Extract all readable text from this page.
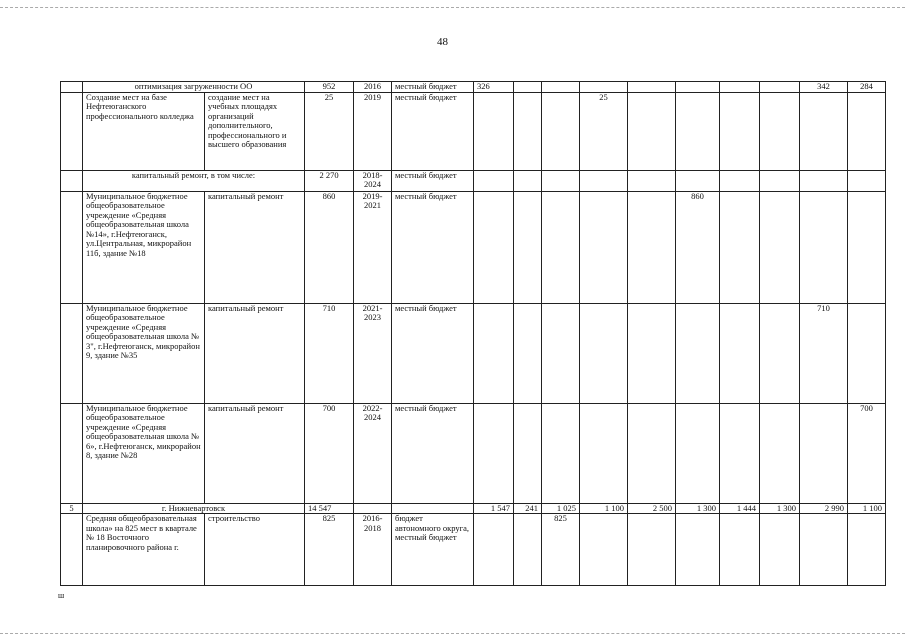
48
	оптимизация загруженности ОО		952	2016	местный бюджет	326								342	284
	Создание мест на базе Нефтеюганского профессионального колледжа	создание мест на учебных площадях организаций дополнительного, профессионального и высшего образования	25	2019	местный бюджет				25						
	капитальный ремонт, в том числе:		2 270	2018-2024	местный бюджет										
	Муниципальное бюджетное общеобразовательное учреждение «Средняя общеобразовательная школа №14», г.Нефтеюганск, ул.Центральная, микрорайон 11б, здание №18	капитальный ремонт	860	2019-2021	местный бюджет						860				
	Муниципальное бюджетное общеобразовательное учреждение «Средняя общеобразовательная школа № 3", г.Нефтеюганск, микрорайон 9, здание №35	капитальный ремонт	710	2021-2023	местный бюджет									710	
	Муниципальное бюджетное общеобразовательное учреждение «Средняя общеобразовательная школа № 6», г.Нефтеюганск, микрорайон 8, здание №28	капитальный ремонт	700	2022-2024	местный бюджет										700
5	г. Нижневартовск		14 547			1 547	241	1 025	1 100	2 500	1 300	1 444	1 300	2 990	1 100
	Средняя общеобразовательная школа» на 825 мест в квартале № 18 Восточного планировочного района г.	строительство	825	2016-2018	бюджет автономного округа, местный бюджет			825							
ш
